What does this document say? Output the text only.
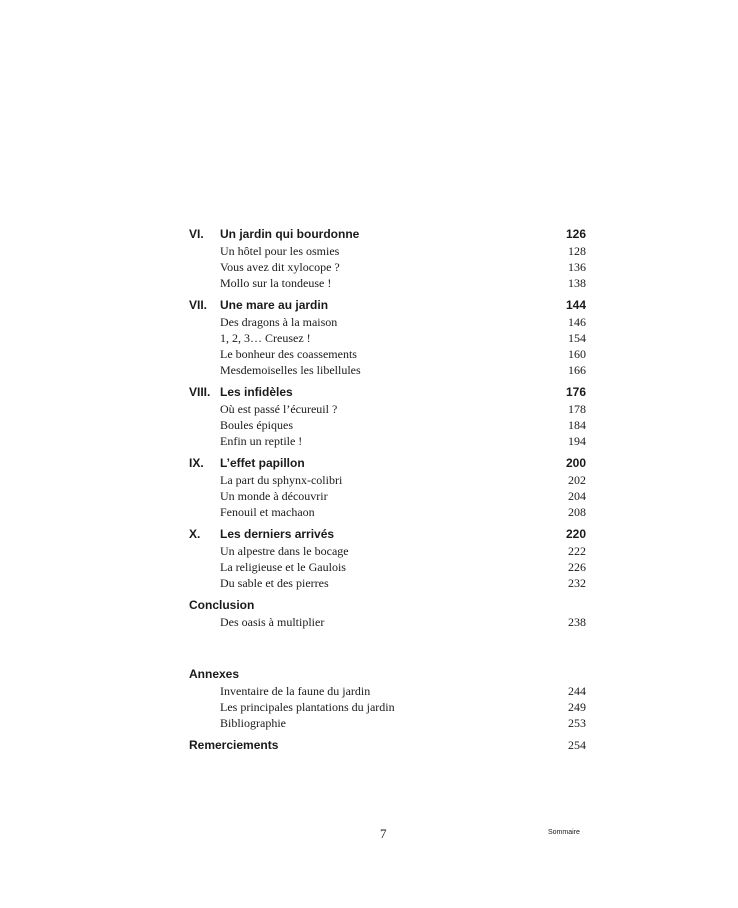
VI.	Un jardin qui bourdonne	126
Un hôtel pour les osmies	128
Vous avez dit xylocope ?	136
Mollo sur la tondeuse !	138
VII.	Une mare au jardin	144
Des dragons à la maison	146
1, 2, 3… Creusez !	154
Le bonheur des coassements	160
Mesdemoiselles les libellules	166
VIII. Les infidèles	176
Où est passé l’écureuil ?	178
Boules épiques	184
Enfin un reptile !	194
IX.	L’effet papillon	200
La part du sphynx-colibri	202
Un monde à découvrir	204
Fenouil et machaon	208
X.	Les derniers arrivés	220
Un alpestre dans le bocage	222
La religieuse et le Gaulois	226
Du sable et des pierres	232
Conclusion
Des oasis à multiplier	238
Annexes
Inventaire de la faune du jardin	244
Les principales plantations du jardin	249
Bibliographie	253
Remerciements	254
7	Sommaire
